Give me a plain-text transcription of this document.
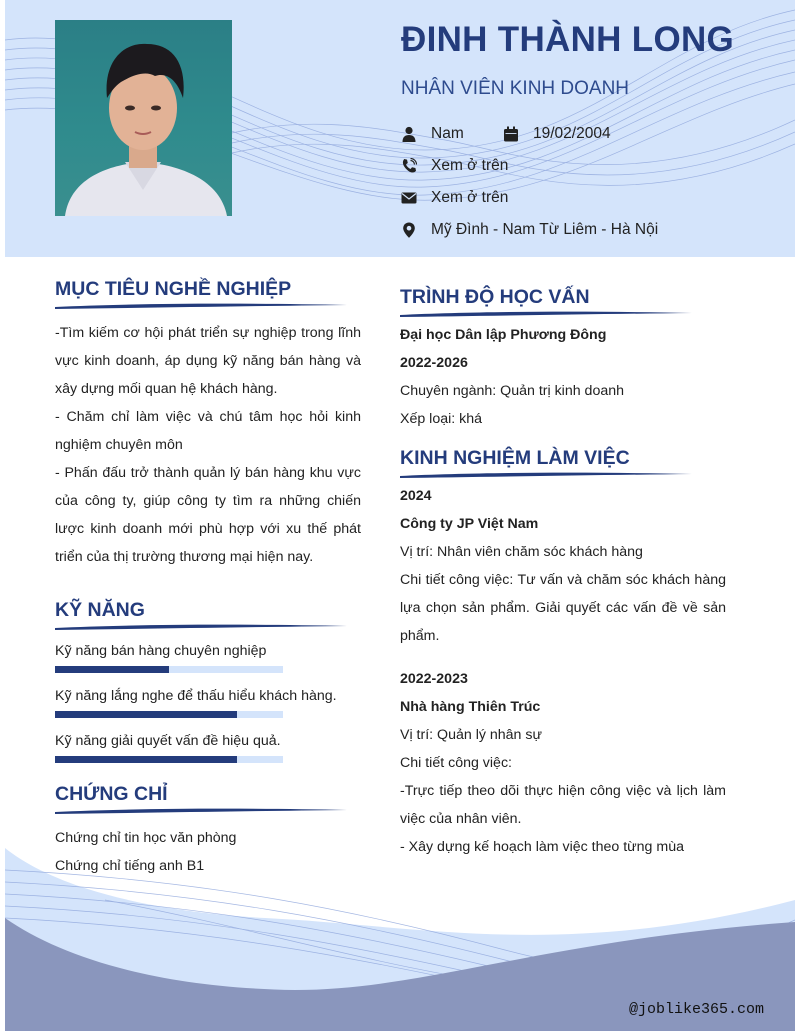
ĐINH THÀNH LONG
NHÂN VIÊN KINH DOANH
Nam	19/02/2004
Xem ở trên
Xem ở trên
Mỹ Đình - Nam Từ Liêm - Hà Nội
MỤC TIÊU NGHỀ NGHIỆP

-Tìm kiếm cơ hội phát triển sự nghiệp trong lĩnh vực kinh doanh, áp dụng kỹ năng bán hàng và xây dựng mối quan hệ khách hàng.

- Chăm chỉ làm việc và chú tâm học hỏi kinh nghiệm chuyên môn

- Phấn đấu trở thành quản lý bán hàng khu vực của công ty, giúp công ty tìm ra những chiến lược kinh doanh mới phù hợp với xu thế phát triển của thị trường thương mại hiện nay.

KỸ NĂNG
Kỹ năng bán hàng chuyên nghiệp
Kỹ năng lắng nghe để thấu hiểu khách hàng.
Kỹ năng giải quyết vấn đề hiệu quả.
CHỨNG CHỈ
Chứng chỉ tin học văn phòng
Chứng chỉ tiếng anh B1
TRÌNH ĐỘ HỌC VẤN
Đại học Dân lập Phương Đông
2022-2026
Chuyên ngành: Quản trị kinh doanh
Xếp loại: khá
KINH NGHIỆM LÀM VIỆC
2024
Công ty JP Việt Nam
Vị trí: Nhân viên chăm sóc khách hàng

Chi tiết công việc: Tư vấn và chăm sóc khách hàng lựa chọn sản phẩm. Giải quyết các vấn đề về sản phẩm.

2022-2023
Nhà hàng Thiên Trúc
Vị trí: Quản lý nhân sự
Chi tiết công việc:

-Trực tiếp theo dõi thực hiện công việc và lịch làm việc của nhân viên.

- Xây dựng kế hoạch làm việc theo từng mùa
@joblike365.com
